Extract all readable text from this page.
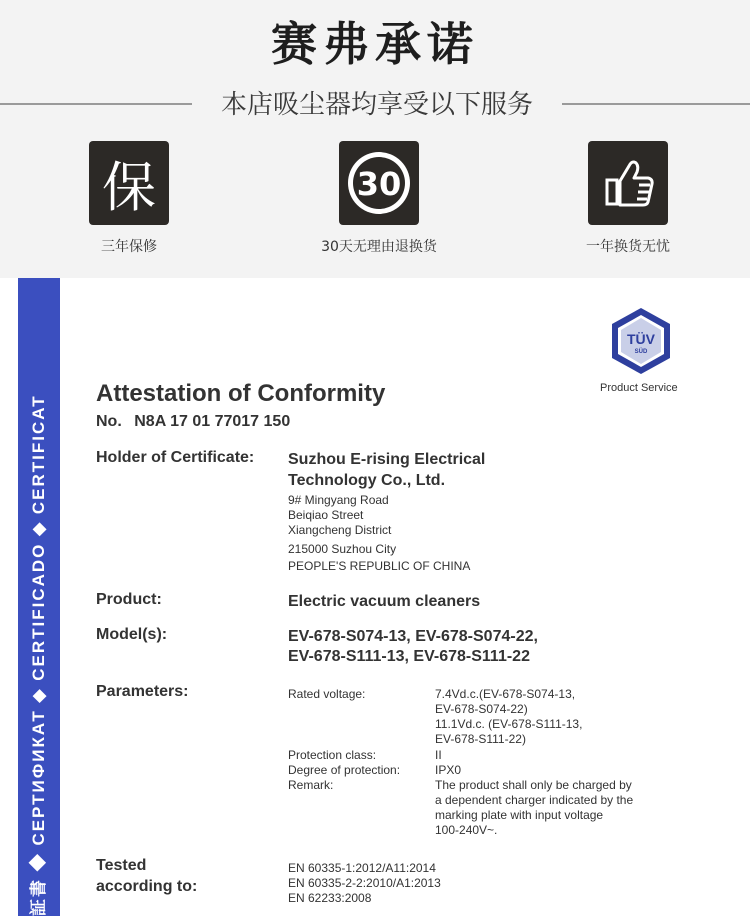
赛弗承诺
本店吸尘器均享受以下服务
保
三年保修
30
30天无理由退换货	一年换货无忧
証書 ◆ СЕРТИФИКАТ ◆ CERTIFICADO ◆ CERTIFICAT
TÜV
SÜD
Product Service
Attestation of Conformity
No. N8A 17 01 77017 150
Holder of Certificate: Suzhou E-rising Electrical
Technology Co., Ltd.
9# Mingyang Road
Beiqiao Street
Xiangcheng District
215000 Suzhou City
PEOPLE'S REPUBLIC OF CHINA
Product:	Electric vacuum cleaners
Model(s):	EV-678-S074-13, EV-678-S074-22,
EV-678-S111-13, EV-678-S111-22
Parameters:	Rated voltage:	7.4Vd.c.(EV-678-S074-13,
EV-678-S074-22)
11.1Vd.c. (EV-678-S111-13,
EV-678-S111-22)
Protection class:	II
Degree of protection:	IPX0
Remark:	The product shall only be charged by
a dependent charger indicated by the
marking plate with input voltage
100-240V~.
Tested
according to:
EN 60335-1:2012/A11:2014
EN 60335-2-2:2010/A1:2013
EN 62233:2008
